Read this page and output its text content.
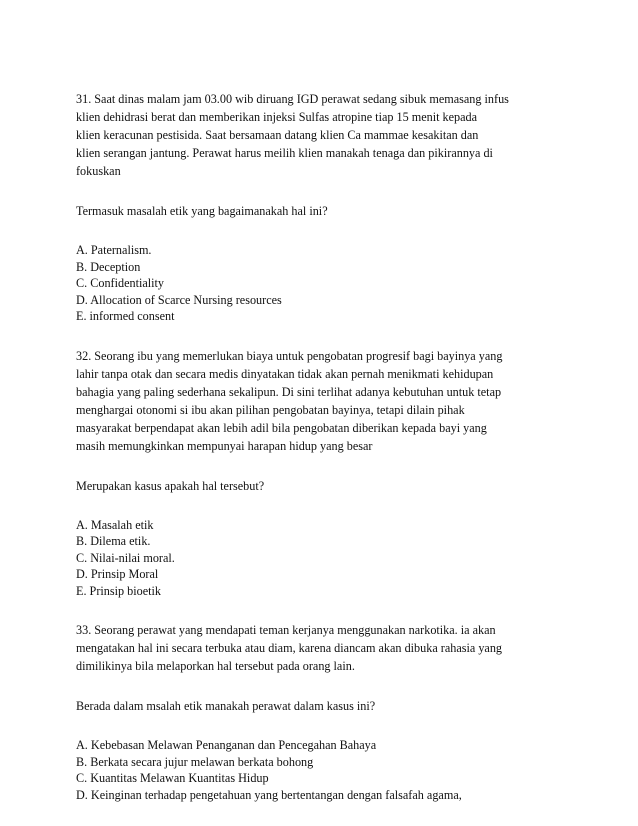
31. Saat dinas malam jam 03.00 wib diruang IGD perawat sedang sibuk memasang infus
klien dehidrasi berat dan memberikan injeksi Sulfas atropine tiap 15 menit kepada
klien keracunan pestisida. Saat bersamaan datang klien Ca mammae kesakitan dan
klien serangan jantung. Perawat harus meilih klien manakah tenaga dan pikirannya di
fokuskan
Termasuk masalah etik yang bagaimanakah hal ini?
A. Paternalism.
B. Deception
C. Confidentiality
D. Allocation of Scarce Nursing resources
E. informed consent
32. Seorang ibu yang memerlukan biaya untuk pengobatan progresif bagi bayinya yang
lahir tanpa otak dan secara medis dinyatakan tidak akan pernah menikmati kehidupan
bahagia yang paling sederhana sekalipun. Di sini terlihat adanya kebutuhan untuk tetap
menghargai otonomi si ibu akan pilihan pengobatan bayinya, tetapi dilain pihak
masyarakat berpendapat akan lebih adil bila pengobatan diberikan kepada bayi yang
masih memungkinkan mempunyai harapan hidup yang besar
Merupakan kasus apakah hal tersebut?
A. Masalah etik
B. Dilema etik.
C. Nilai-nilai moral.
D. Prinsip Moral
E. Prinsip bioetik
33. Seorang perawat yang mendapati teman kerjanya menggunakan narkotika. ia akan
mengatakan hal ini secara terbuka atau diam, karena diancam akan dibuka rahasia yang
dimilikinya bila melaporkan hal tersebut pada orang lain.
Berada dalam msalah etik manakah perawat dalam kasus ini?
A. Kebebasan Melawan Penanganan dan Pencegahan Bahaya
B. Berkata secara jujur melawan berkata bohong
C. Kuantitas Melawan Kuantitas Hidup
D. Keinginan terhadap pengetahuan yang bertentangan dengan falsafah agama,
